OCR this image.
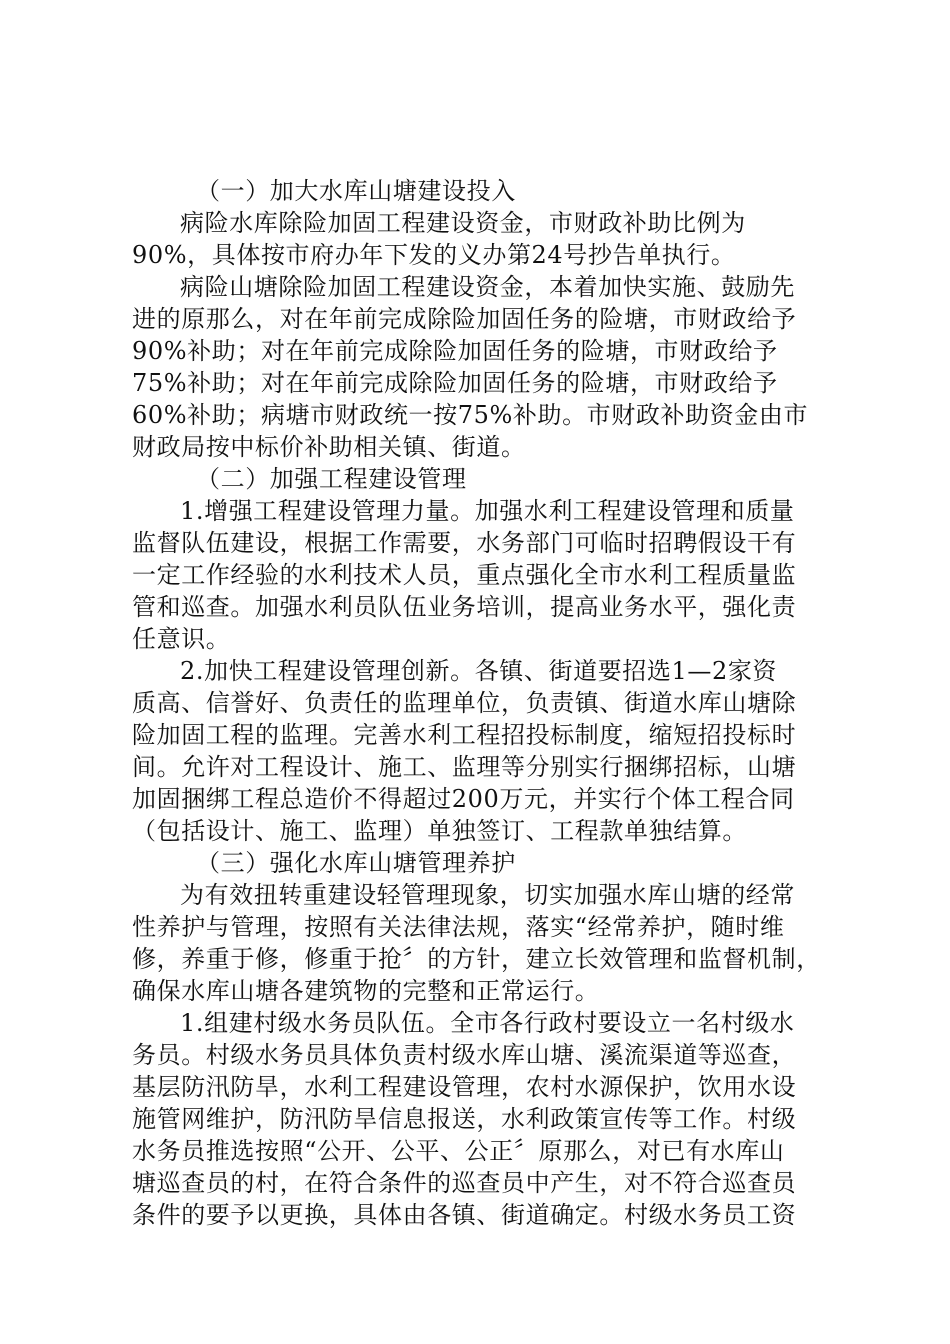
（一）加大水库山塘建设投入
病险水库除险加固工程建设资金，市财政补助比例为
90%，具体按市府办年下发的义办第24号抄告单执行。
病险山塘除险加固工程建设资金，本着加快实施、鼓励先
进的原那么，对在年前完成除险加固任务的险塘，市财政给予
90%补助；对在年前完成除险加固任务的险塘，市财政给予
75%补助；对在年前完成除险加固任务的险塘，市财政给予
60%补助；病塘市财政统一按75%补助。市财政补助资金由市
财政局按中标价补助相关镇、街道。
（二）加强工程建设管理
1.增强工程建设管理力量。加强水利工程建设管理和质量
监督队伍建设，根据工作需要，水务部门可临时招聘假设干有
一定工作经验的水利技术人员，重点强化全市水利工程质量监
管和巡查。加强水利员队伍业务培训，提高业务水平，强化责
任意识。
2.加快工程建设管理创新。各镇、街道要招选1—2家资
质高、信誉好、负责任的监理单位，负责镇、街道水库山塘除
险加固工程的监理。完善水利工程招投标制度，缩短招投标时
间。允许对工程设计、施工、监理等分别实行捆绑招标，山塘
加固捆绑工程总造价不得超过200万元，并实行个体工程合同
（包括设计、施工、监理）单独签订、工程款单独结算。
（三）强化水库山塘管理养护
为有效扭转重建设轻管理现象，切实加强水库山塘的经常
性养护与管理，按照有关法律法规，落实“经常养护，随时维
修，养重于修，修重于抢〞的方针，建立长效管理和监督机制，
确保水库山塘各建筑物的完整和正常运行。
1.组建村级水务员队伍。全市各行政村要设立一名村级水
务员。村级水务员具体负责村级水库山塘、溪流渠道等巡查，
基层防汛防旱，水利工程建设管理，农村水源保护，饮用水设
施管网维护，防汛防旱信息报送，水利政策宣传等工作。村级
水务员推选按照“公开、公平、公正〞原那么，对已有水库山
塘巡查员的村，在符合条件的巡查员中产生，对不符合巡查员
条件的要予以更换，具体由各镇、街道确定。村级水务员工资
